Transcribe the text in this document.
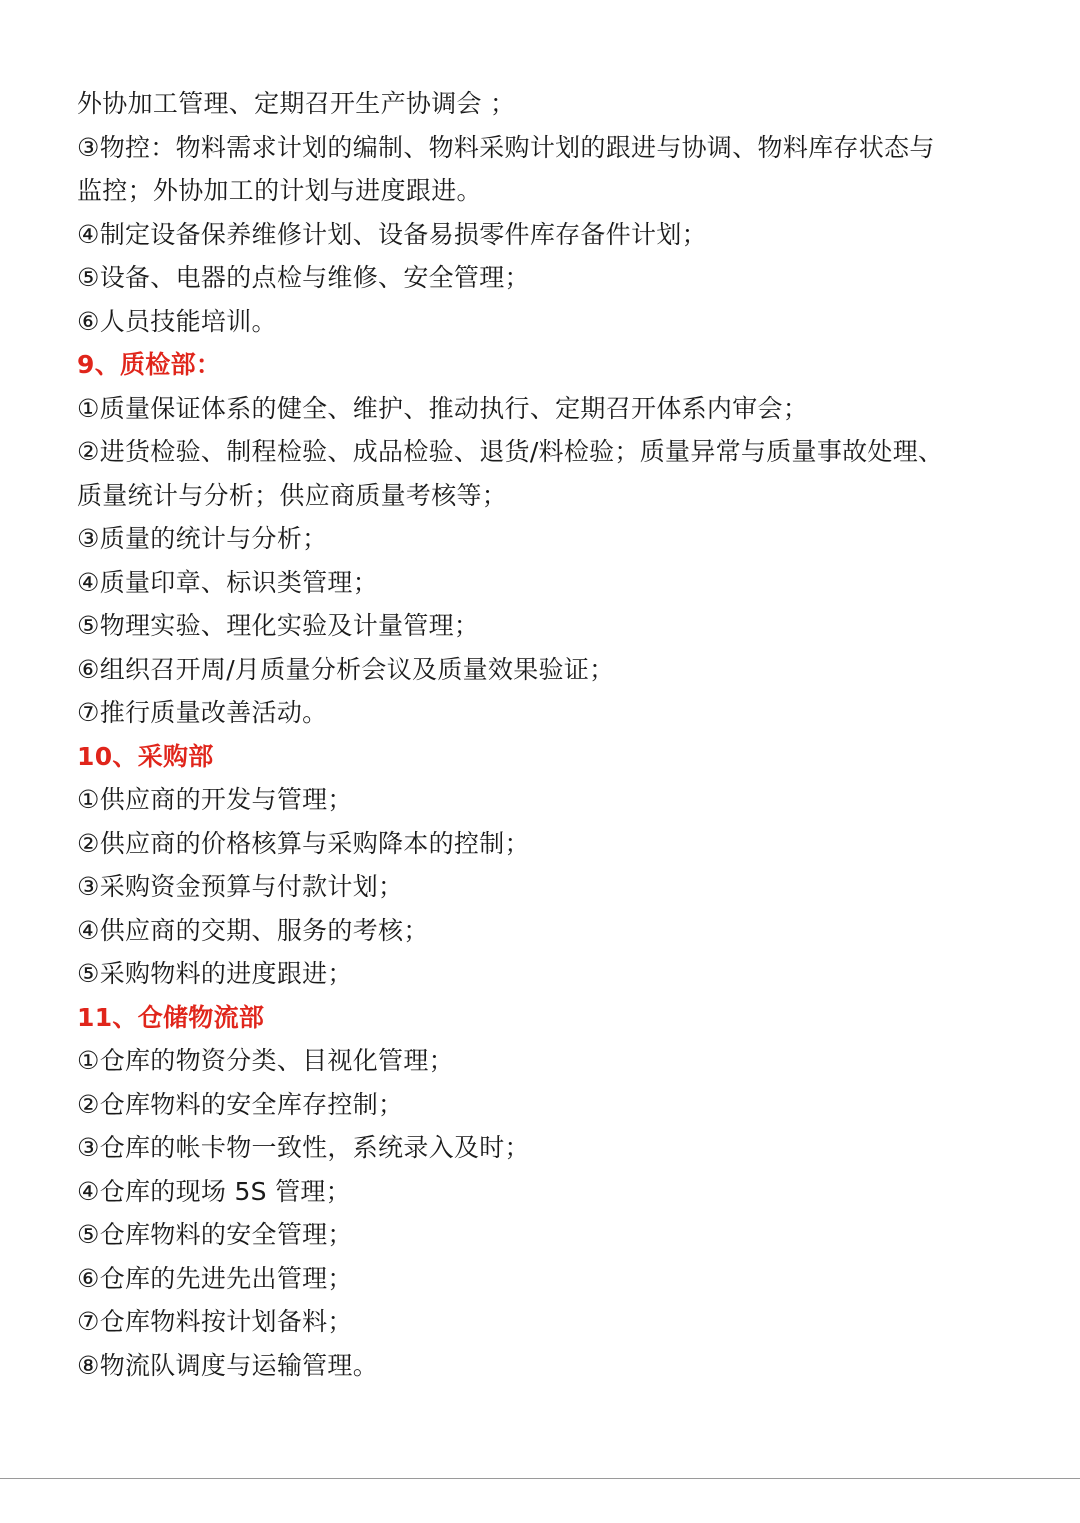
外协加工管理、定期召开生产协调会 ；
③物控：物料需求计划的编制、物料采购计划的跟进与协调、物料库存状态与
监控；外协加工的计划与进度跟进。
④制定设备保养维修计划、设备易损零件库存备件计划；
⑤设备、电器的点检与维修、安全管理；
⑥人员技能培训。
9、质检部：
①质量保证体系的健全、维护、推动执行、定期召开体系内审会；
②进货检验、制程检验、成品检验、退货/料检验；质量异常与质量事故处理、
质量统计与分析；供应商质量考核等；
③质量的统计与分析；
④质量印章、标识类管理；
⑤物理实验、理化实验及计量管理；
⑥组织召开周/月质量分析会议及质量效果验证；
⑦推行质量改善活动。
10、采购部
①供应商的开发与管理；
②供应商的价格核算与采购降本的控制；
③采购资金预算与付款计划；
④供应商的交期、服务的考核；
⑤采购物料的进度跟进；
11、仓储物流部
①仓库的物资分类、目视化管理；
②仓库物料的安全库存控制；
③仓库的帐卡物一致性，系统录入及时；
④仓库的现场 5S 管理；
⑤仓库物料的安全管理；
⑥仓库的先进先出管理；
⑦仓库物料按计划备料；
⑧物流队调度与运输管理。
